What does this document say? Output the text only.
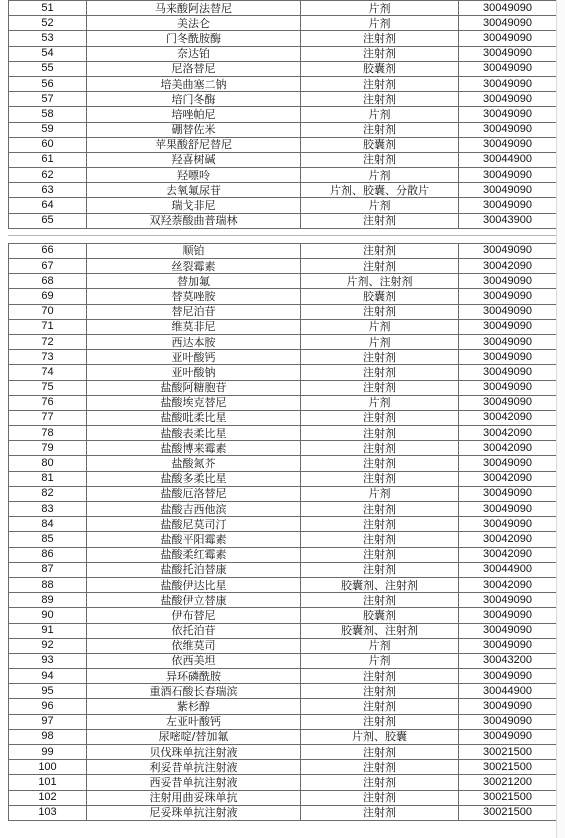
51	马来酸阿法替尼	片剂	30049090
52	美法仑	片剂	30049090
53	门冬酰胺酶	注射剂	30049090
54	奈达铂	注射剂	30049090
55	尼洛替尼	胶囊剂	30049090
56	培美曲塞二钠	注射剂	30049090
57	培门冬酶	注射剂	30049090
58	培唑帕尼	片剂	30049090
59	硼替佐米	注射剂	30049090
60	苹果酸舒尼替尼	胶囊剂	30049090
61	羟喜树碱	注射剂	30044900
62	羟嘌呤	片剂	30049090
63	去氧氟尿苷	片剂、胶囊、分散片	30049090
64	瑞戈非尼	片剂	30049090
65	双羟萘酸曲普瑞林	注射剂	30043900
66	顺铂	注射剂	30049090
67	丝裂霉素	注射剂	30042090
68	替加氟	片剂、注射剂	30049090
69	替莫唑胺	胶囊剂	30049090
70	替尼泊苷	注射剂	30049090
71	维莫非尼	片剂	30049090
72	西达本胺	片剂	30049090
73	亚叶酸钙	注射剂	30049090
74	亚叶酸钠	注射剂	30049090
75	盐酸阿糖胞苷	注射剂	30049090
76	盐酸埃克替尼	片剂	30049090
77	盐酸吡柔比星	注射剂	30042090
78	盐酸表柔比星	注射剂	30042090
79	盐酸博来霉素	注射剂	30042090
80	盐酸氮芥	注射剂	30049090
81	盐酸多柔比星	注射剂	30042090
82	盐酸厄洛替尼	片剂	30049090
83	盐酸吉西他滨	注射剂	30049090
84	盐酸尼莫司汀	注射剂	30049090
85	盐酸平阳霉素	注射剂	30042090
86	盐酸柔红霉素	注射剂	30042090
87	盐酸托泊替康	注射剂	30044900
88	盐酸伊达比星	胶囊剂、注射剂	30042090
89	盐酸伊立替康	注射剂	30049090
90	伊布替尼	胶囊剂	30049090
91	依托泊苷	胶囊剂、注射剂	30049090
92	依维莫司	片剂	30049090
93	依西美坦	片剂	30043200
94	异环磷酰胺	注射剂	30049090
95	重酒石酸长春瑞滨	注射剂	30044900
96	紫杉醇	注射剂	30049090
97	左亚叶酸钙	注射剂	30049090
98	尿嘧啶/替加氟	片剂、胶囊	30049090
99	贝伐珠单抗注射液	注射剂	30021500
100	利妥昔单抗注射液	注射剂	30021500
101	西妥昔单抗注射液	注射剂	30021200
102	注射用曲妥珠单抗	注射剂	30021500
103	尼妥珠单抗注射液	注射剂	30021500
